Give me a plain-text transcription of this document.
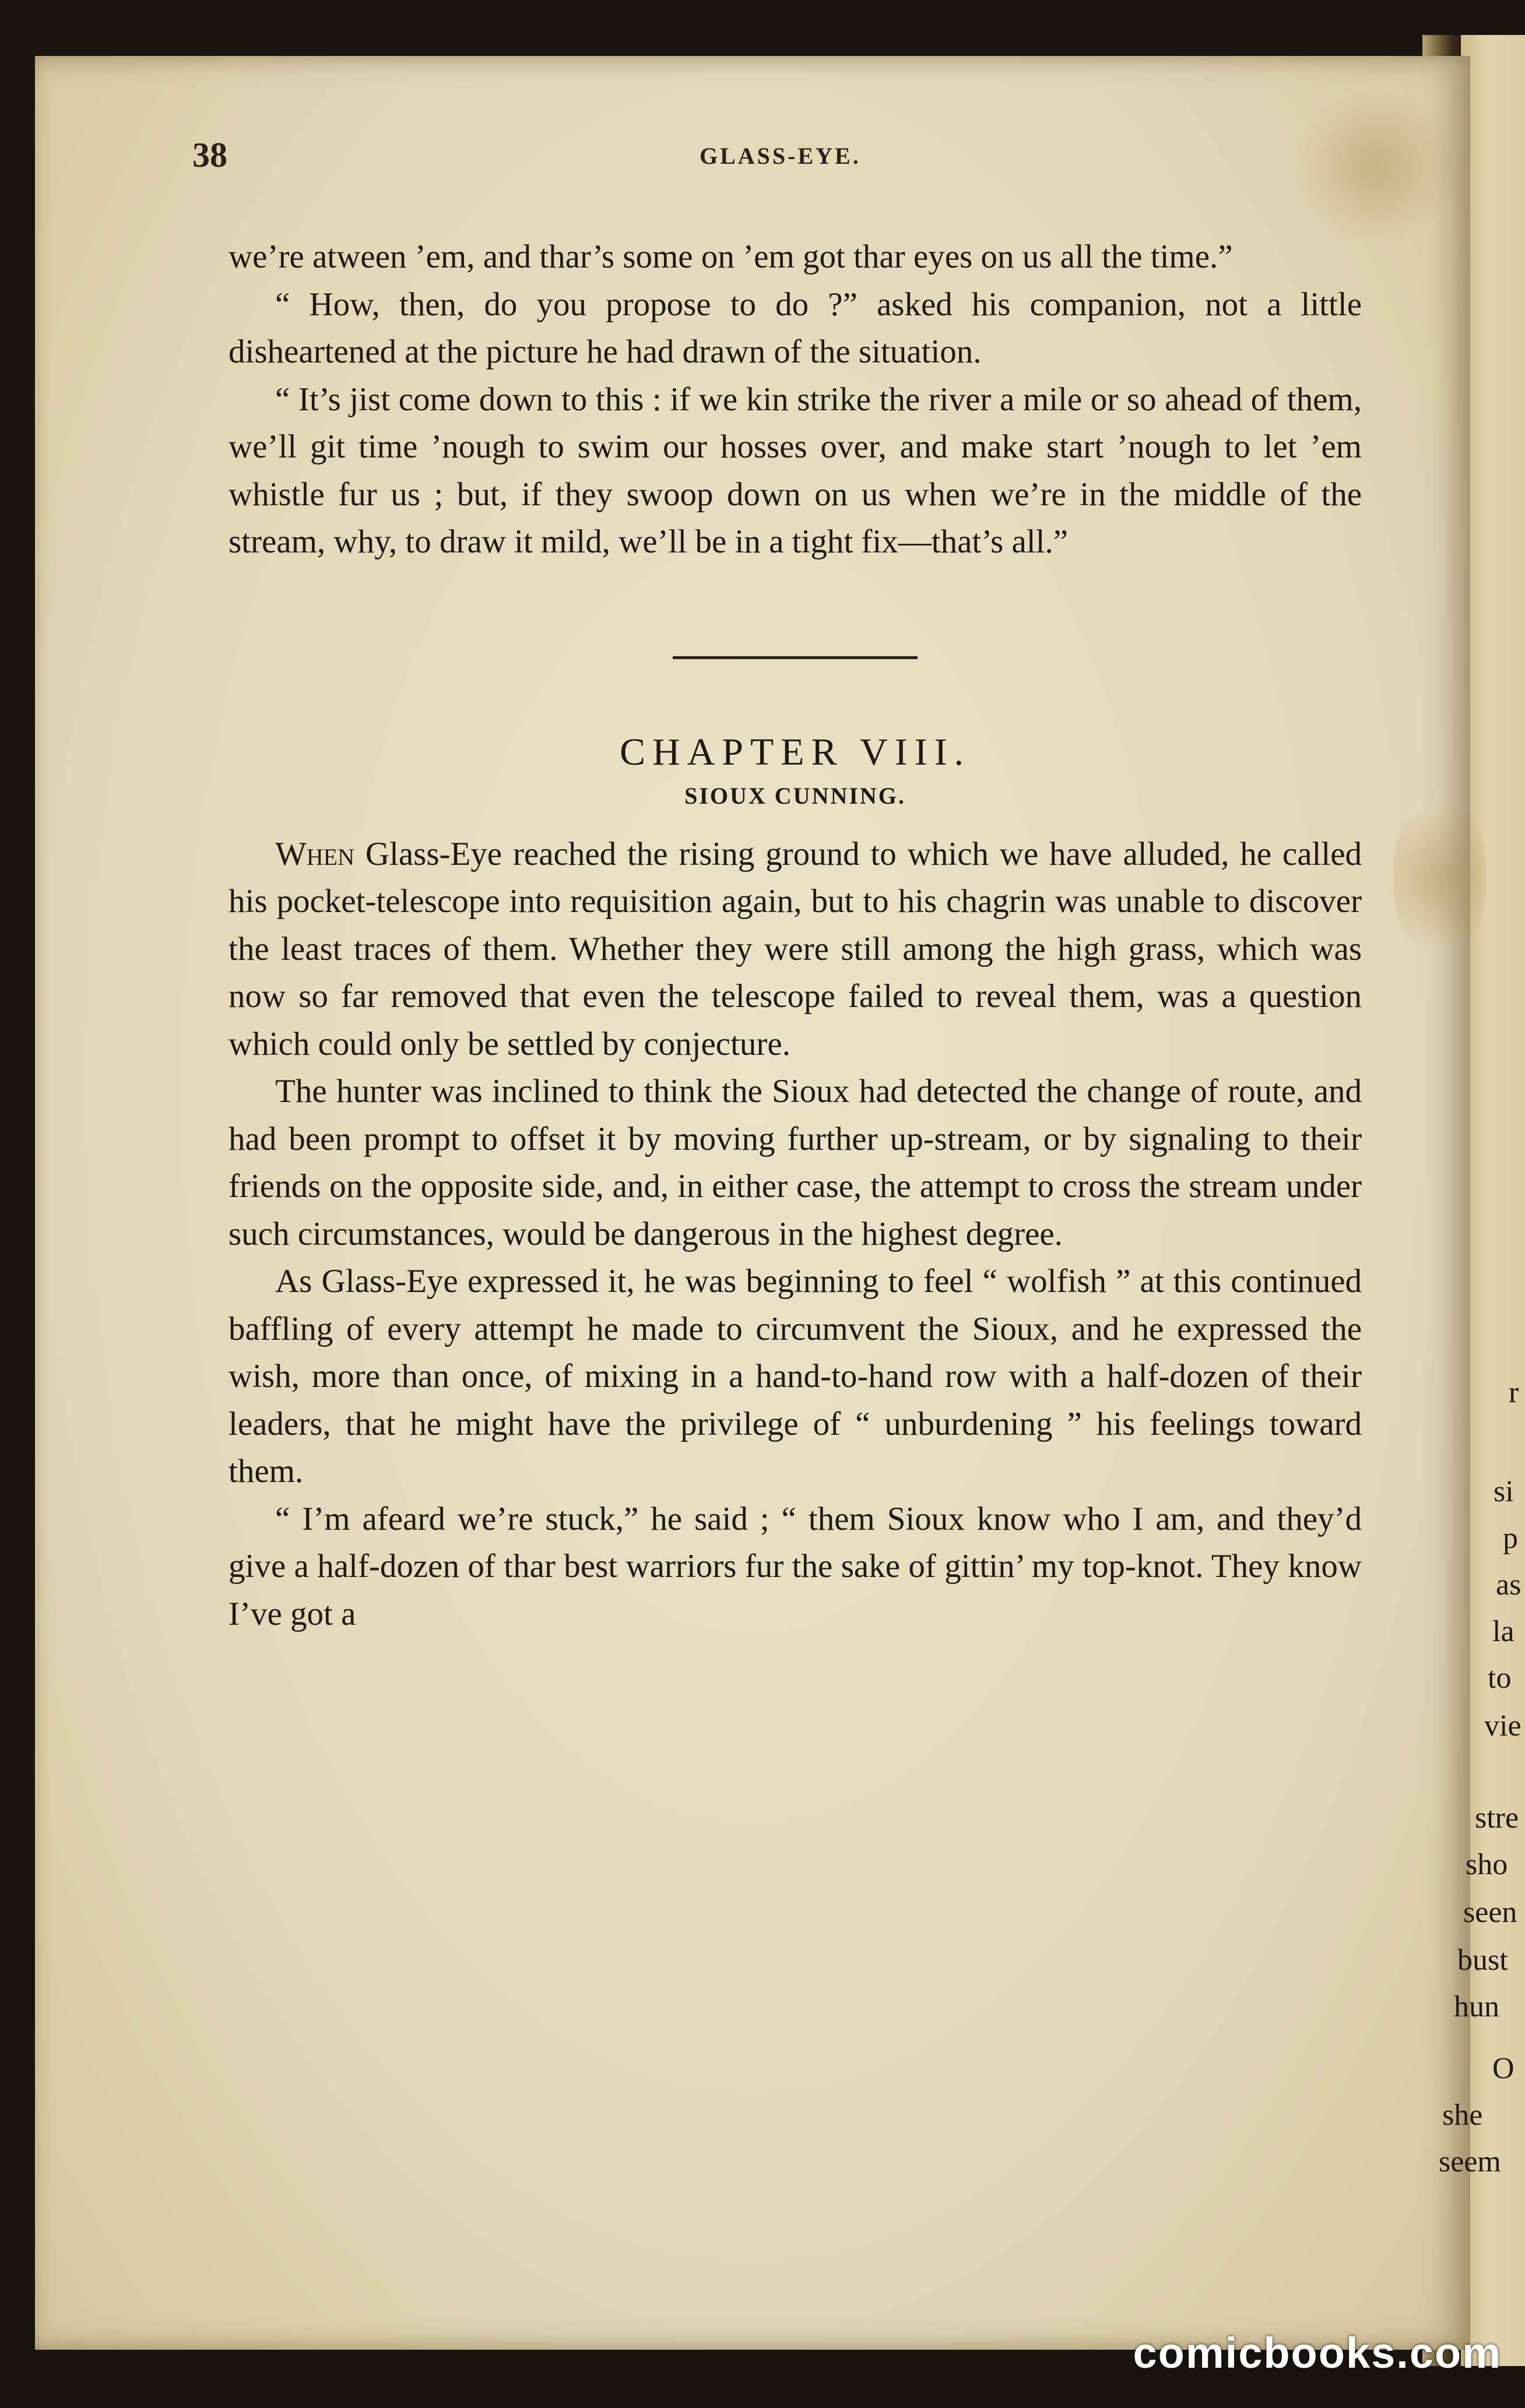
38	GLASS-EYE.

we’re atween ’em, and thar’s some on ’em got thar eyes on us all the time.”

“ How, then, do you propose to do ?” asked his companion, not a little disheartened at the picture he had drawn of the situation.

“ It’s jist come down to this : if we kin strike the river a mile or so ahead of them, we’ll git time ’nough to swim our hosses over, and make start ’nough to let ’em whistle fur us ; but, if they swoop down on us when we’re in the middle of the stream, why, to draw it mild, we’ll be in a tight fix—that’s all.”

CHAPTER VIII.
SIOUX CUNNING.

When Glass-Eye reached the rising ground to which we have alluded, he called his pocket-telescope into requisition again, but to his chagrin was unable to discover the least traces of them. Whether they were still among the high grass, which was now so far removed that even the telescope failed to reveal them, was a question which could only be settled by conjecture.

The hunter was inclined to think the Sioux had detected the change of route, and had been prompt to offset it by moving further up-stream, or by signaling to their friends on the opposite side, and, in either case, the attempt to cross the stream under such circumstances, would be dangerous in the highest degree.

As Glass-Eye expressed it, he was beginning to feel “ wolfish ” at this continued baffling of every attempt he made to circumvent the Sioux, and he expressed the wish, more than once, of mixing in a hand-to-hand row with a half-dozen of their leaders, that he might have the privilege of “ unburdening ” his feelings toward them.

“ I’m afeard we’re stuck,” he said ; “ them Sioux know who I am, and they’d give a half-dozen of thar best warriors fur the sake of gittin’ my top-knot. They know I’ve got a

r
si
p
as
la
to
vie
stre
sho
seen
bust
hun
O
she
seem
comicbooks.com
